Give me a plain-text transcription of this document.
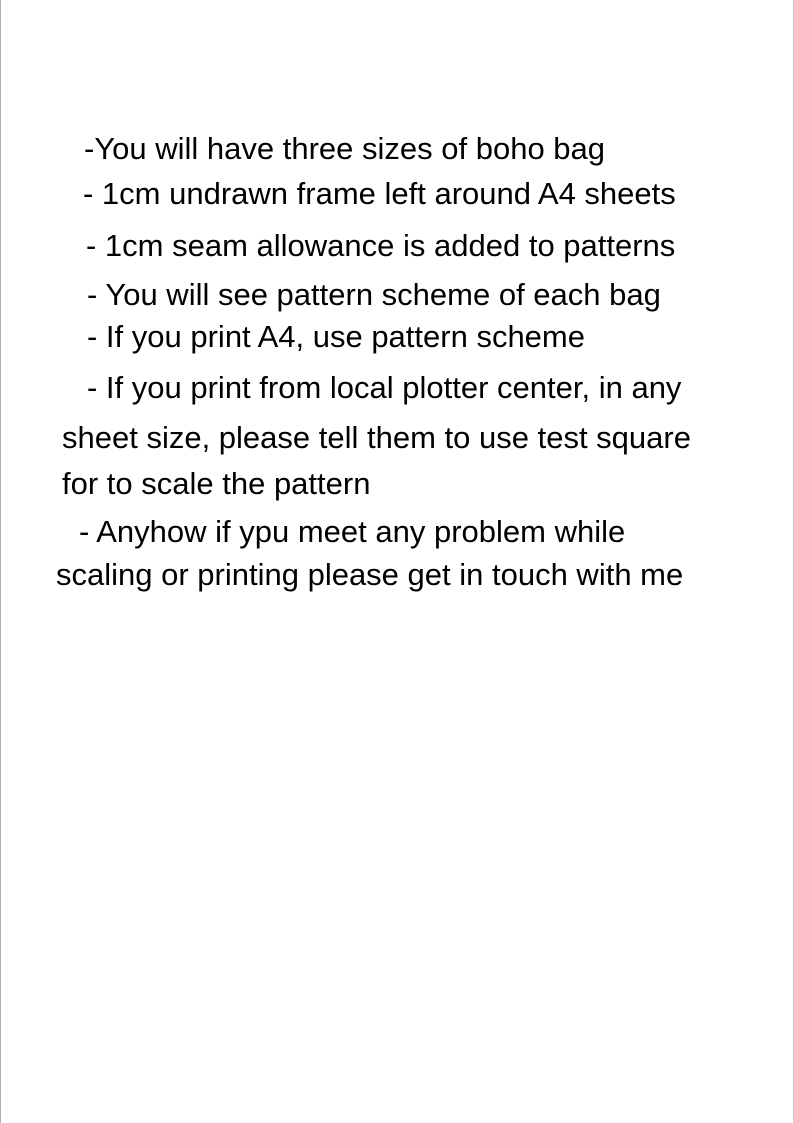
-You will have three sizes of boho bag

- 1cm undrawn frame left around A4 sheets

- 1cm seam allowance is added to patterns

- You will see pattern scheme of each bag

- If you print A4, use pattern scheme

- If you print from local plotter center, in any

sheet size, please tell them to use test square

for to scale the pattern

- Anyhow if ypu meet any problem while

scaling or printing please get in touch with me
